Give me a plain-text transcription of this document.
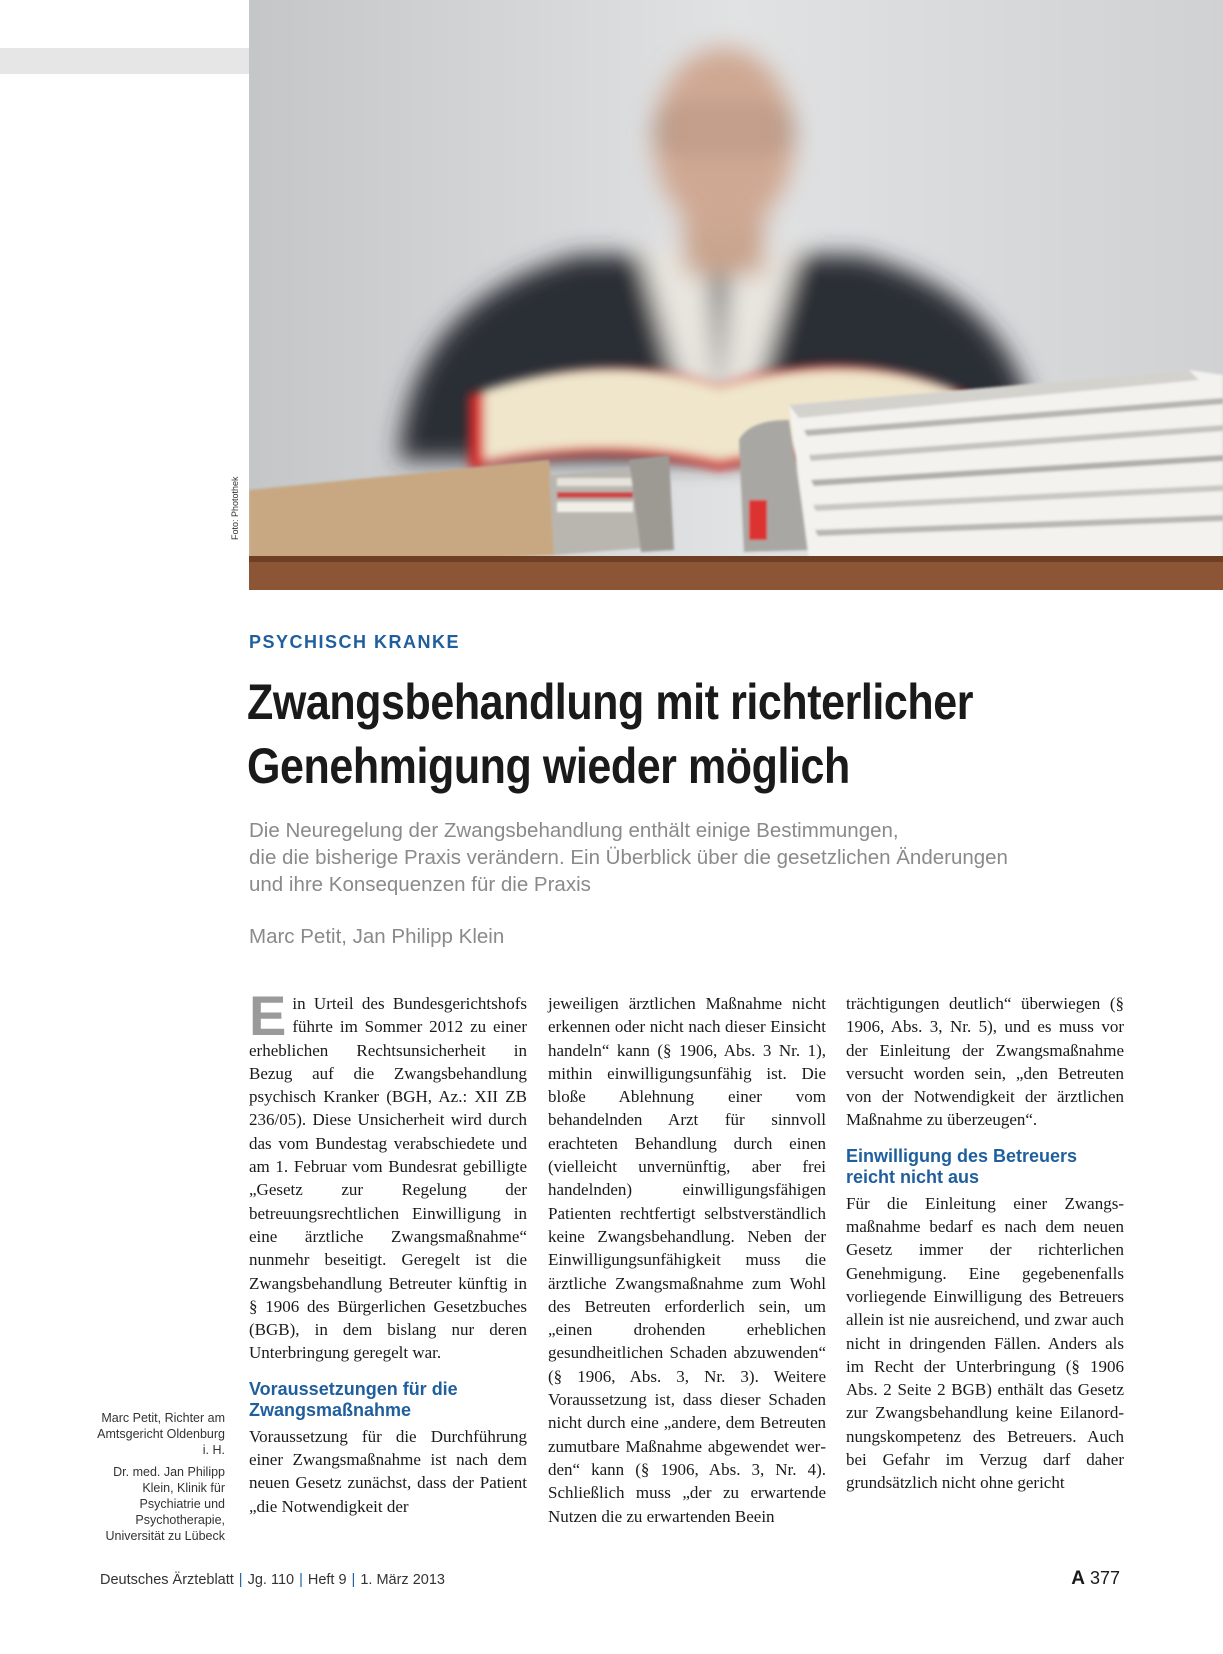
Foto: Photothek
PSYCHISCH KRANKE
Zwangsbehandlung mit richterlicher
Genehmigung wieder möglich

Die Neuregelung der Zwangsbehandlung enthält einige Bestimmungen,
die die bisherige Praxis verändern. Ein Überblick über die gesetzlichen Änderungen
und ihre Konsequenzen für die Praxis

Marc Petit, Jan Philipp Klein

Ein Urteil des Bundesgerichtshofs führte im Sommer 2012 zu einer erheblichen Rechtsunsicherheit in Bezug auf die Zwangsbehandlung psychisch Kranker (BGH, Az.: XII ZB 236/05). Diese Unsicherheit wird durch das vom Bundestag verabschiedete und am 1. Februar vom Bundesrat gebilligte „Gesetz zur Regelung der betreuungsrechtlichen Einwilligung in eine ärztliche Zwangsmaßnahme“ nunmehr beseitigt. Geregelt ist die Zwangsbehandlung Betreuter künftig in § 1906 des Bürgerlichen Gesetzbuches (BGB), in dem bislang nur deren Unterbringung geregelt war.

Voraussetzungen für die Zwangsmaßnahme

Voraussetzung für die Durchführung einer Zwangsmaßnahme ist nach dem neuen Gesetz zunächst, dass der Patient „die Notwendigkeit der

jeweiligen ärztlichen Maßnahme nicht erkennen oder nicht nach dieser Einsicht handeln“ kann (§ 1906, Abs. 3 Nr. 1), mithin einwilligungsunfähig ist. Die bloße Ablehnung einer vom behandelnden Arzt für sinnvoll erachteten Behandlung durch einen (vielleicht unvernünftig, aber frei handelnden) einwilligungsfähigen Patienten rechtfertigt selbstverständlich keine Zwangsbehandlung. Neben der Einwilligungsunfähigkeit muss die ärztliche Zwangsmaßnahme zum Wohl des Betreuten erforderlich sein, um „einen drohenden erheblichen gesundheitlichen Schaden abzuwenden“ (§ 1906, Abs. 3, Nr. 3). Weitere Voraussetzung ist, dass dieser Schaden nicht durch eine „andere, dem Betreuten zumutbare Maßnahme abgewendet werden“ kann (§ 1906, Abs. 3, Nr. 4). Schließlich muss „der zu erwartende Nutzen die zu erwartenden Beein

trächtigungen deutlich“ überwiegen (§ 1906, Abs. 3, Nr. 5), und es muss vor der Einleitung der Zwangsmaßnahme versucht worden sein, „den Betreuten von der Notwendigkeit der ärztlichen Maßnahme zu überzeugen“.

Einwilligung des Betreuers reicht nicht aus

Für die Einleitung einer Zwangsmaßnahme bedarf es nach dem neuen Gesetz immer der richterlichen Genehmigung. Eine gegebenenfalls vorliegende Einwilligung des Betreuers allein ist nie ausreichend, und zwar auch nicht in dringenden Fällen. Anders als im Recht der Unterbringung (§ 1906 Abs. 2 Seite 2 BGB) enthält das Gesetz zur Zwangsbehandlung keine Eilanordnungskompetenz des Betreuers. Auch bei Gefahr im Verzug darf daher grundsätzlich nicht ohne gericht

Marc Petit, Richter am Amtsgericht Oldenburg i. H.

Dr. med. Jan Philipp Klein, Klinik für Psychiatrie und Psychotherapie, Universität zu Lübeck

Deutsches Ärzteblatt | Jg. 110 | Heft 9 | 1. März 2013	A 377
